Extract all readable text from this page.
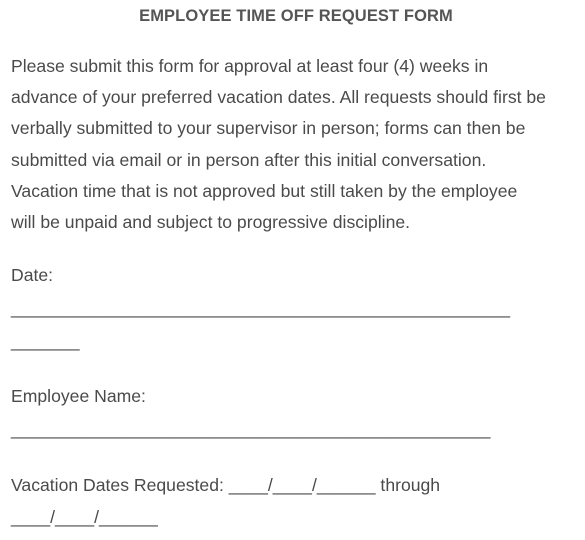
EMPLOYEE TIME OFF REQUEST FORM
Please submit this form for approval at least four (4) weeks in
advance of your preferred vacation dates. All requests should first be
verbally submitted to your supervisor in person; forms can then be
submitted via email or in person after this initial conversation.
Vacation time that is not approved but still taken by the employee
will be unpaid and subject to progressive discipline.
Date:
___________________________________________________
_______
Employee Name:
_________________________________________________
Vacation Dates Requested: ____/____/______ through
____/____/______
